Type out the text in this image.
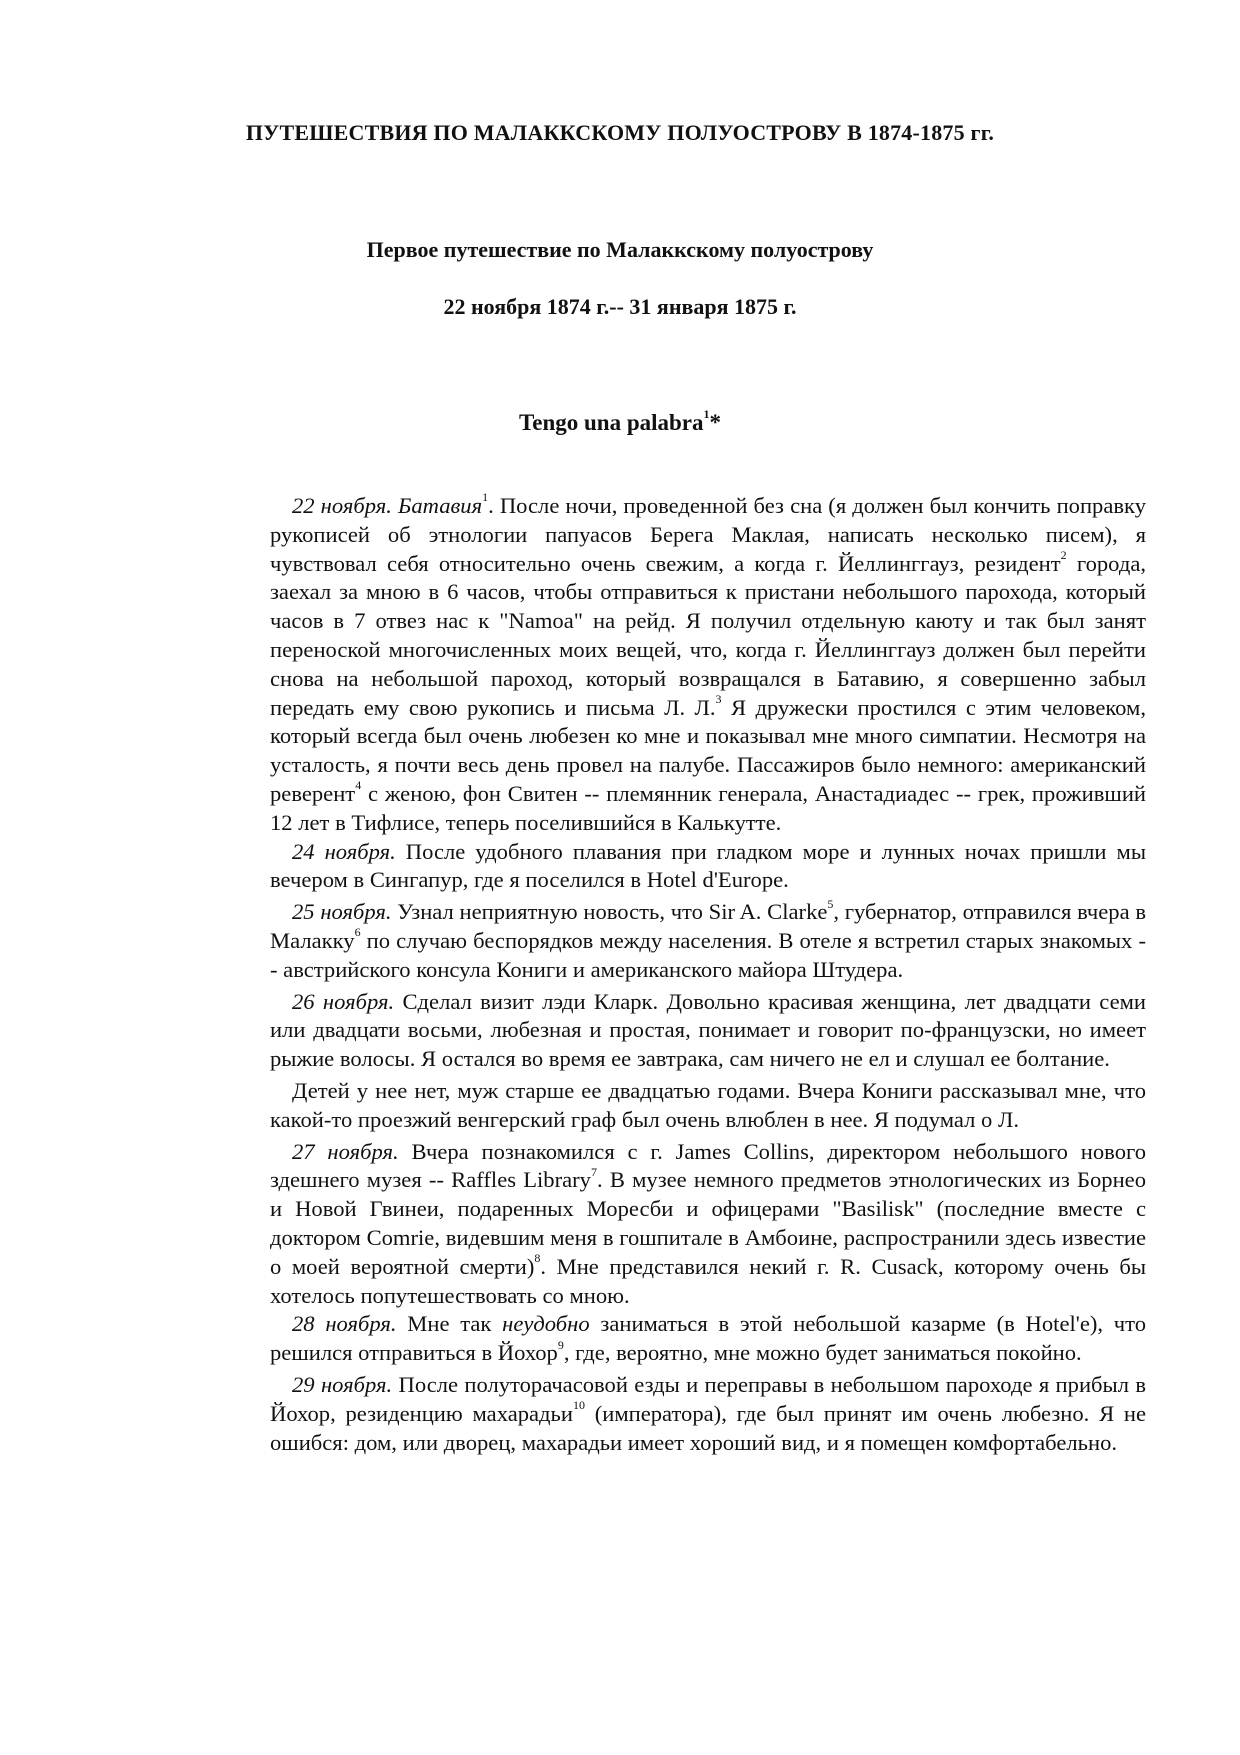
ПУТЕШЕСТВИЯ ПО МАЛАККСКОМУ ПОЛУОСТРОВУ В 1874-1875 гг.
Первое путешествие по Малаккскому полуострову
22 ноября 1874 г.-- 31 января 1875 г.
Tengo una palabra$^1$*

22 ноября. Батавия$^1$. После ночи, проведенной без сна (я должен был кончить поправку рукописей об этнологии папуасов Берега Маклая, написать несколько писем), я чувствовал себя относительно очень свежим, а когда г. Йеллинггауз, резидент$^2$ города, заехал за мною в 6 часов, чтобы отправиться к пристани небольшого парохода, который часов в 7 отвез нас к "Namoa" на рейд. Я получил отдельную каюту и так был занят переноской многочисленных моих вещей, что, когда г. Йеллинггауз должен был перейти снова на небольшой пароход, который возвращался в Батавию, я совершенно забыл передать ему свою рукопись и письма Л. Л.$^3$ Я дружески простился с этим человеком, который всегда был очень любезен ко мне и показывал мне много симпатии. Несмотря на усталость, я почти весь день провел на палубе. Пассажиров было немного: американский реверент$^4$ с женою, фон Свитен -- племянник генерала, Анастадиадес -- грек, проживший 12 лет в Тифлисе, теперь поселившийся в Калькутте.

24 ноября. После удобного плавания при гладком море и лунных ночах пришли мы вечером в Сингапур, где я поселился в Hotel d'Europe.

25 ноября. Узнал неприятную новость, что Sir A. Clarke$^5$, губернатор, отправился вчера в Малакку$^6$ по случаю беспорядков между населения. В отеле я встретил старых знакомых -- австрийского консула Кониги и американского майора Штудера.

26 ноября. Сделал визит лэди Кларк. Довольно красивая женщина, лет двадцати семи или двадцати восьми, любезная и простая, понимает и говорит по-французски, но имеет рыжие волосы. Я остался во время ее завтрака, сам ничего не ел и слушал ее болтание.

Детей у нее нет, муж старше ее двадцатью годами. Вчера Кониги рассказывал мне, что какой-то проезжий венгерский граф был очень влюблен в нее. Я подумал о Л.

27 ноября. Вчера познакомился с г. James Collins, директором небольшого нового здешнего музея -- Raffles Library$^7$. В музее немного предметов этнологических из Борнео и Новой Гвинеи, подаренных Моресби и офицерами "Basilisk" (последние вместе с доктором Comrie, видевшим меня в гошпитале в Амбоине, распространили здесь известие о моей вероятной смерти)$^8$. Мне представился некий г. R. Cusack, которому очень бы хотелось попутешествовать со мною.

28 ноября. Мне так неудобно заниматься в этой небольшой казарме (в Hotel'e), что решился отправиться в Йохор$^9$, где, вероятно, мне можно будет заниматься покойно.

29 ноября. После полуторачасовой езды и переправы в небольшом пароходе я прибыл в Йохор, резиденцию махарадьи$^{10}$ (императора), где был принят им очень любезно. Я не ошибся: дом, или дворец, махарадьи имеет хороший вид, и я помещен комфортабельно.
